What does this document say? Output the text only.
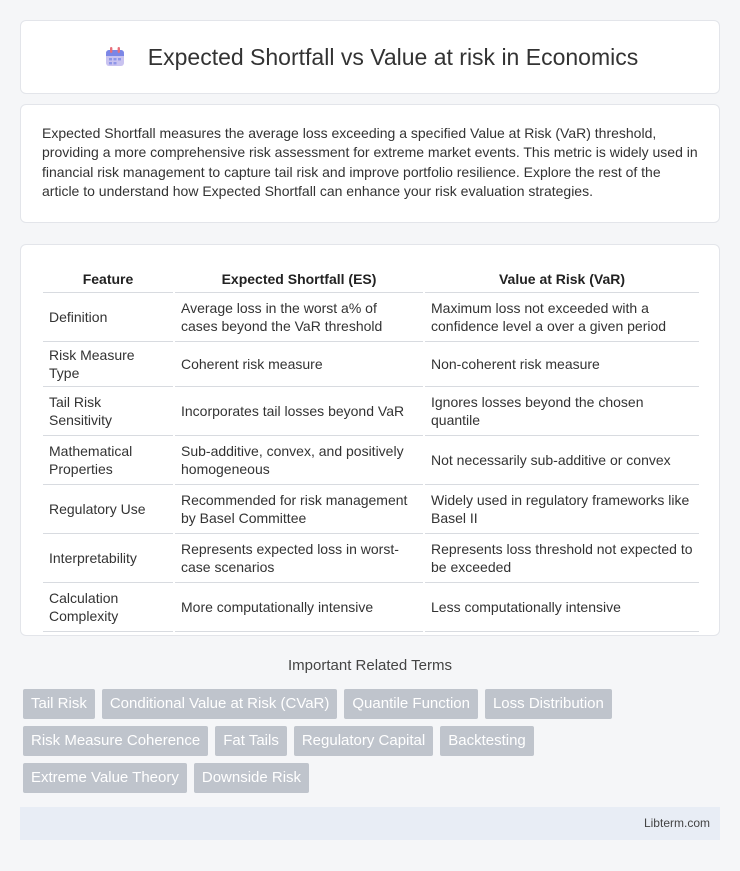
Expected Shortfall vs Value at risk in Economics

Expected Shortfall measures the average loss exceeding a specified Value at Risk (VaR) threshold, providing a more comprehensive risk assessment for extreme market events. This metric is widely used in financial risk management to capture tail risk and improve portfolio resilience. Explore the rest of the article to understand how Expected Shortfall can enhance your risk evaluation strategies.

Feature	Expected Shortfall (ES)	Value at Risk (VaR)
Definition	Average loss in the worst a% of cases beyond the VaR threshold	Maximum loss not exceeded with a confidence level a over a given period
Risk Measure Type	Coherent risk measure	Non-coherent risk measure
Tail Risk Sensitivity	Incorporates tail losses beyond VaR	Ignores losses beyond the chosen quantile
Mathematical Properties	Sub-additive, convex, and positively homogeneous	Not necessarily sub-additive or convex
Regulatory Use	Recommended for risk management by Basel Committee	Widely used in regulatory frameworks like Basel II
Interpretability	Represents expected loss in worst-case scenarios	Represents loss threshold not expected to be exceeded
Calculation Complexity	More computationally intensive	Less computationally intensive
Important Related Terms
Tail Risk	Conditional Value at Risk (CVaR)	Quantile Function	Loss Distribution
Risk Measure Coherence	Fat Tails	Regulatory Capital	Backtesting
Extreme Value Theory	Downside Risk
Libterm.com
